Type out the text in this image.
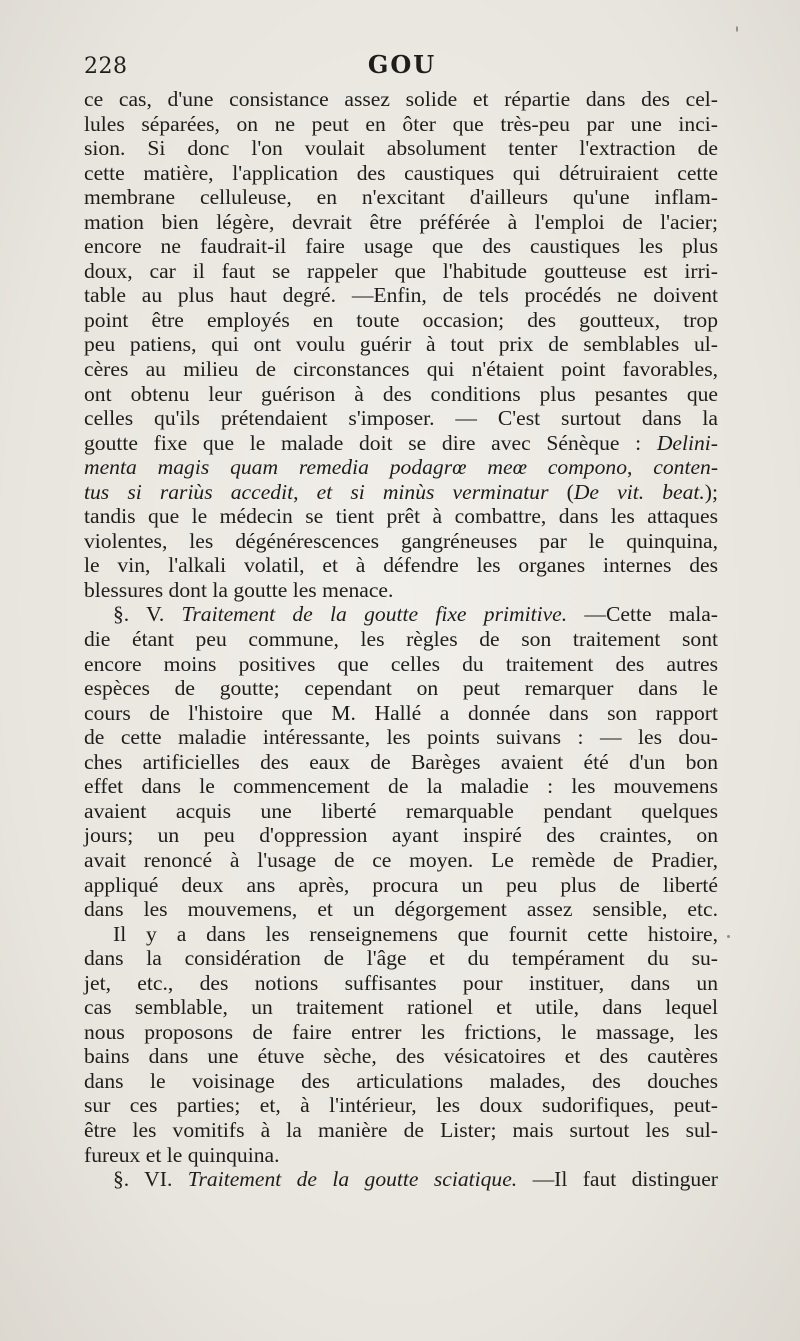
228	GOU
ce cas, d'une consistance assez solide et répartie dans des cel-
lules séparées, on ne peut en ôter que très-peu par une inci-
sion. Si donc l'on voulait absolument tenter l'extraction de
cette matière, l'application des caustiques qui détruiraient cette
membrane celluleuse, en n'excitant d'ailleurs qu'une inflam-
mation bien légère, devrait être préférée à l'emploi de l'acier;
encore ne faudrait-il faire usage que des caustiques les plus
doux, car il faut se rappeler que l'habitude goutteuse est irri-
table au plus haut degré. —Enfin, de tels procédés ne doivent
point être employés en toute occasion; des goutteux, trop
peu patiens, qui ont voulu guérir à tout prix de semblables ul-
cères au milieu de circonstances qui n'étaient point favorables,
ont obtenu leur guérison à des conditions plus pesantes que
celles qu'ils prétendaient s'imposer. — C'est surtout dans la
goutte fixe que le malade doit se dire avec Sénèque : Delini-
menta magis quam remedia podagrœ meœ compono, conten-
tus si rariùs accedit, et si minùs verminatur (De vit. beat.);
tandis que le médecin se tient prêt à combattre, dans les attaques
violentes, les dégénérescences gangréneuses par le quinquina,
le vin, l'alkali volatil, et à défendre les organes internes des
blessures dont la goutte les menace.
§. V. Traitement de la goutte fixe primitive. —Cette mala-
die étant peu commune, les règles de son traitement sont
encore moins positives que celles du traitement des autres
espèces de goutte; cependant on peut remarquer dans le
cours de l'histoire que M. Hallé a donnée dans son rapport
de cette maladie intéressante, les points suivans : — les dou-
ches artificielles des eaux de Barèges avaient été d'un bon
effet dans le commencement de la maladie : les mouvemens
avaient acquis une liberté remarquable pendant quelques
jours; un peu d'oppression ayant inspiré des craintes, on
avait renoncé à l'usage de ce moyen. Le remède de Pradier,
appliqué deux ans après, procura un peu plus de liberté
dans les mouvemens, et un dégorgement assez sensible, etc.
Il y a dans les renseignemens que fournit cette histoire,
dans la considération de l'âge et du tempérament du su-
jet, etc., des notions suffisantes pour instituer, dans un
cas semblable, un traitement rationel et utile, dans lequel
nous proposons de faire entrer les frictions, le massage, les
bains dans une étuve sèche, des vésicatoires et des cautères
dans le voisinage des articulations malades, des douches
sur ces parties; et, à l'intérieur, les doux sudorifiques, peut-
être les vomitifs à la manière de Lister; mais surtout les sul-
fureux et le quinquina.
§. VI. Traitement de la goutte sciatique. —Il faut distinguer
